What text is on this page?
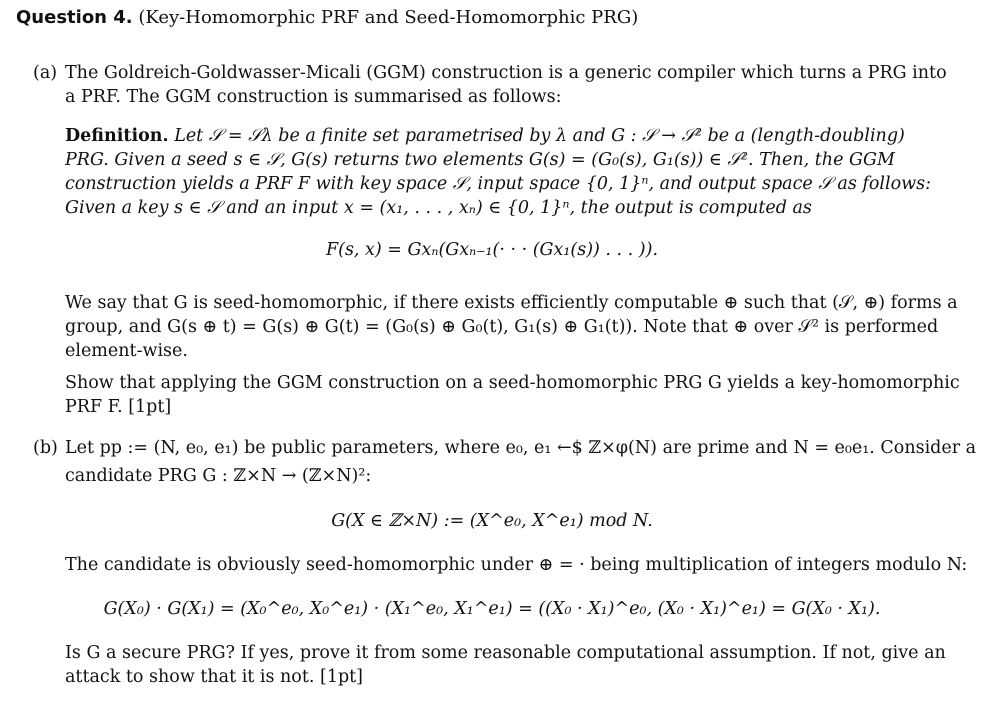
Question 4. (Key-Homomorphic PRF and Seed-Homomorphic PRG)
(a) The Goldreich-Goldwasser-Micali (GGM) construction is a generic compiler which turns a PRG into
a PRF. The GGM construction is summarised as follows:
Definition. Let 𝒮 = 𝒮λ be a finite set parametrised by λ and G : 𝒮 → 𝒮² be a (length-doubling)
PRG. Given a seed s ∈ 𝒮, G(s) returns two elements G(s) = (G₀(s), G₁(s)) ∈ 𝒮². Then, the GGM
construction yields a PRF F with key space 𝒮, input space {0, 1}ⁿ, and output space 𝒮 as follows:
Given a key s ∈ 𝒮 and an input x = (x₁, . . . , xₙ) ∈ {0, 1}ⁿ, the output is computed as
F(s, x) = Gxₙ(Gxₙ₋₁(· · · (Gx₁(s)) . . . )).
We say that G is seed-homomorphic, if there exists efficiently computable ⊕ such that (𝒮, ⊕) forms a
group, and G(s ⊕ t) = G(s) ⊕ G(t) = (G₀(s) ⊕ G₀(t), G₁(s) ⊕ G₁(t)). Note that ⊕ over 𝒮² is performed
element-wise.
Show that applying the GGM construction on a seed-homomorphic PRG G yields a key-homomorphic
PRF F. [1pt]
(b) Let pp := (N, e₀, e₁) be public parameters, where e₀, e₁ ←$ ℤ×φ(N) are prime and N = e₀e₁. Consider a
candidate PRG G : ℤ×N → (ℤ×N)²:
G(X ∈ ℤ×N) := (X^e₀, X^e₁) mod N.
The candidate is obviously seed-homomorphic under ⊕ = · being multiplication of integers modulo N:
G(X₀) · G(X₁) = (X₀^e₀, X₀^e₁) · (X₁^e₀, X₁^e₁) = ((X₀ · X₁)^e₀, (X₀ · X₁)^e₁) = G(X₀ · X₁).
Is G a secure PRG? If yes, prove it from some reasonable computational assumption. If not, give an
attack to show that it is not. [1pt]
